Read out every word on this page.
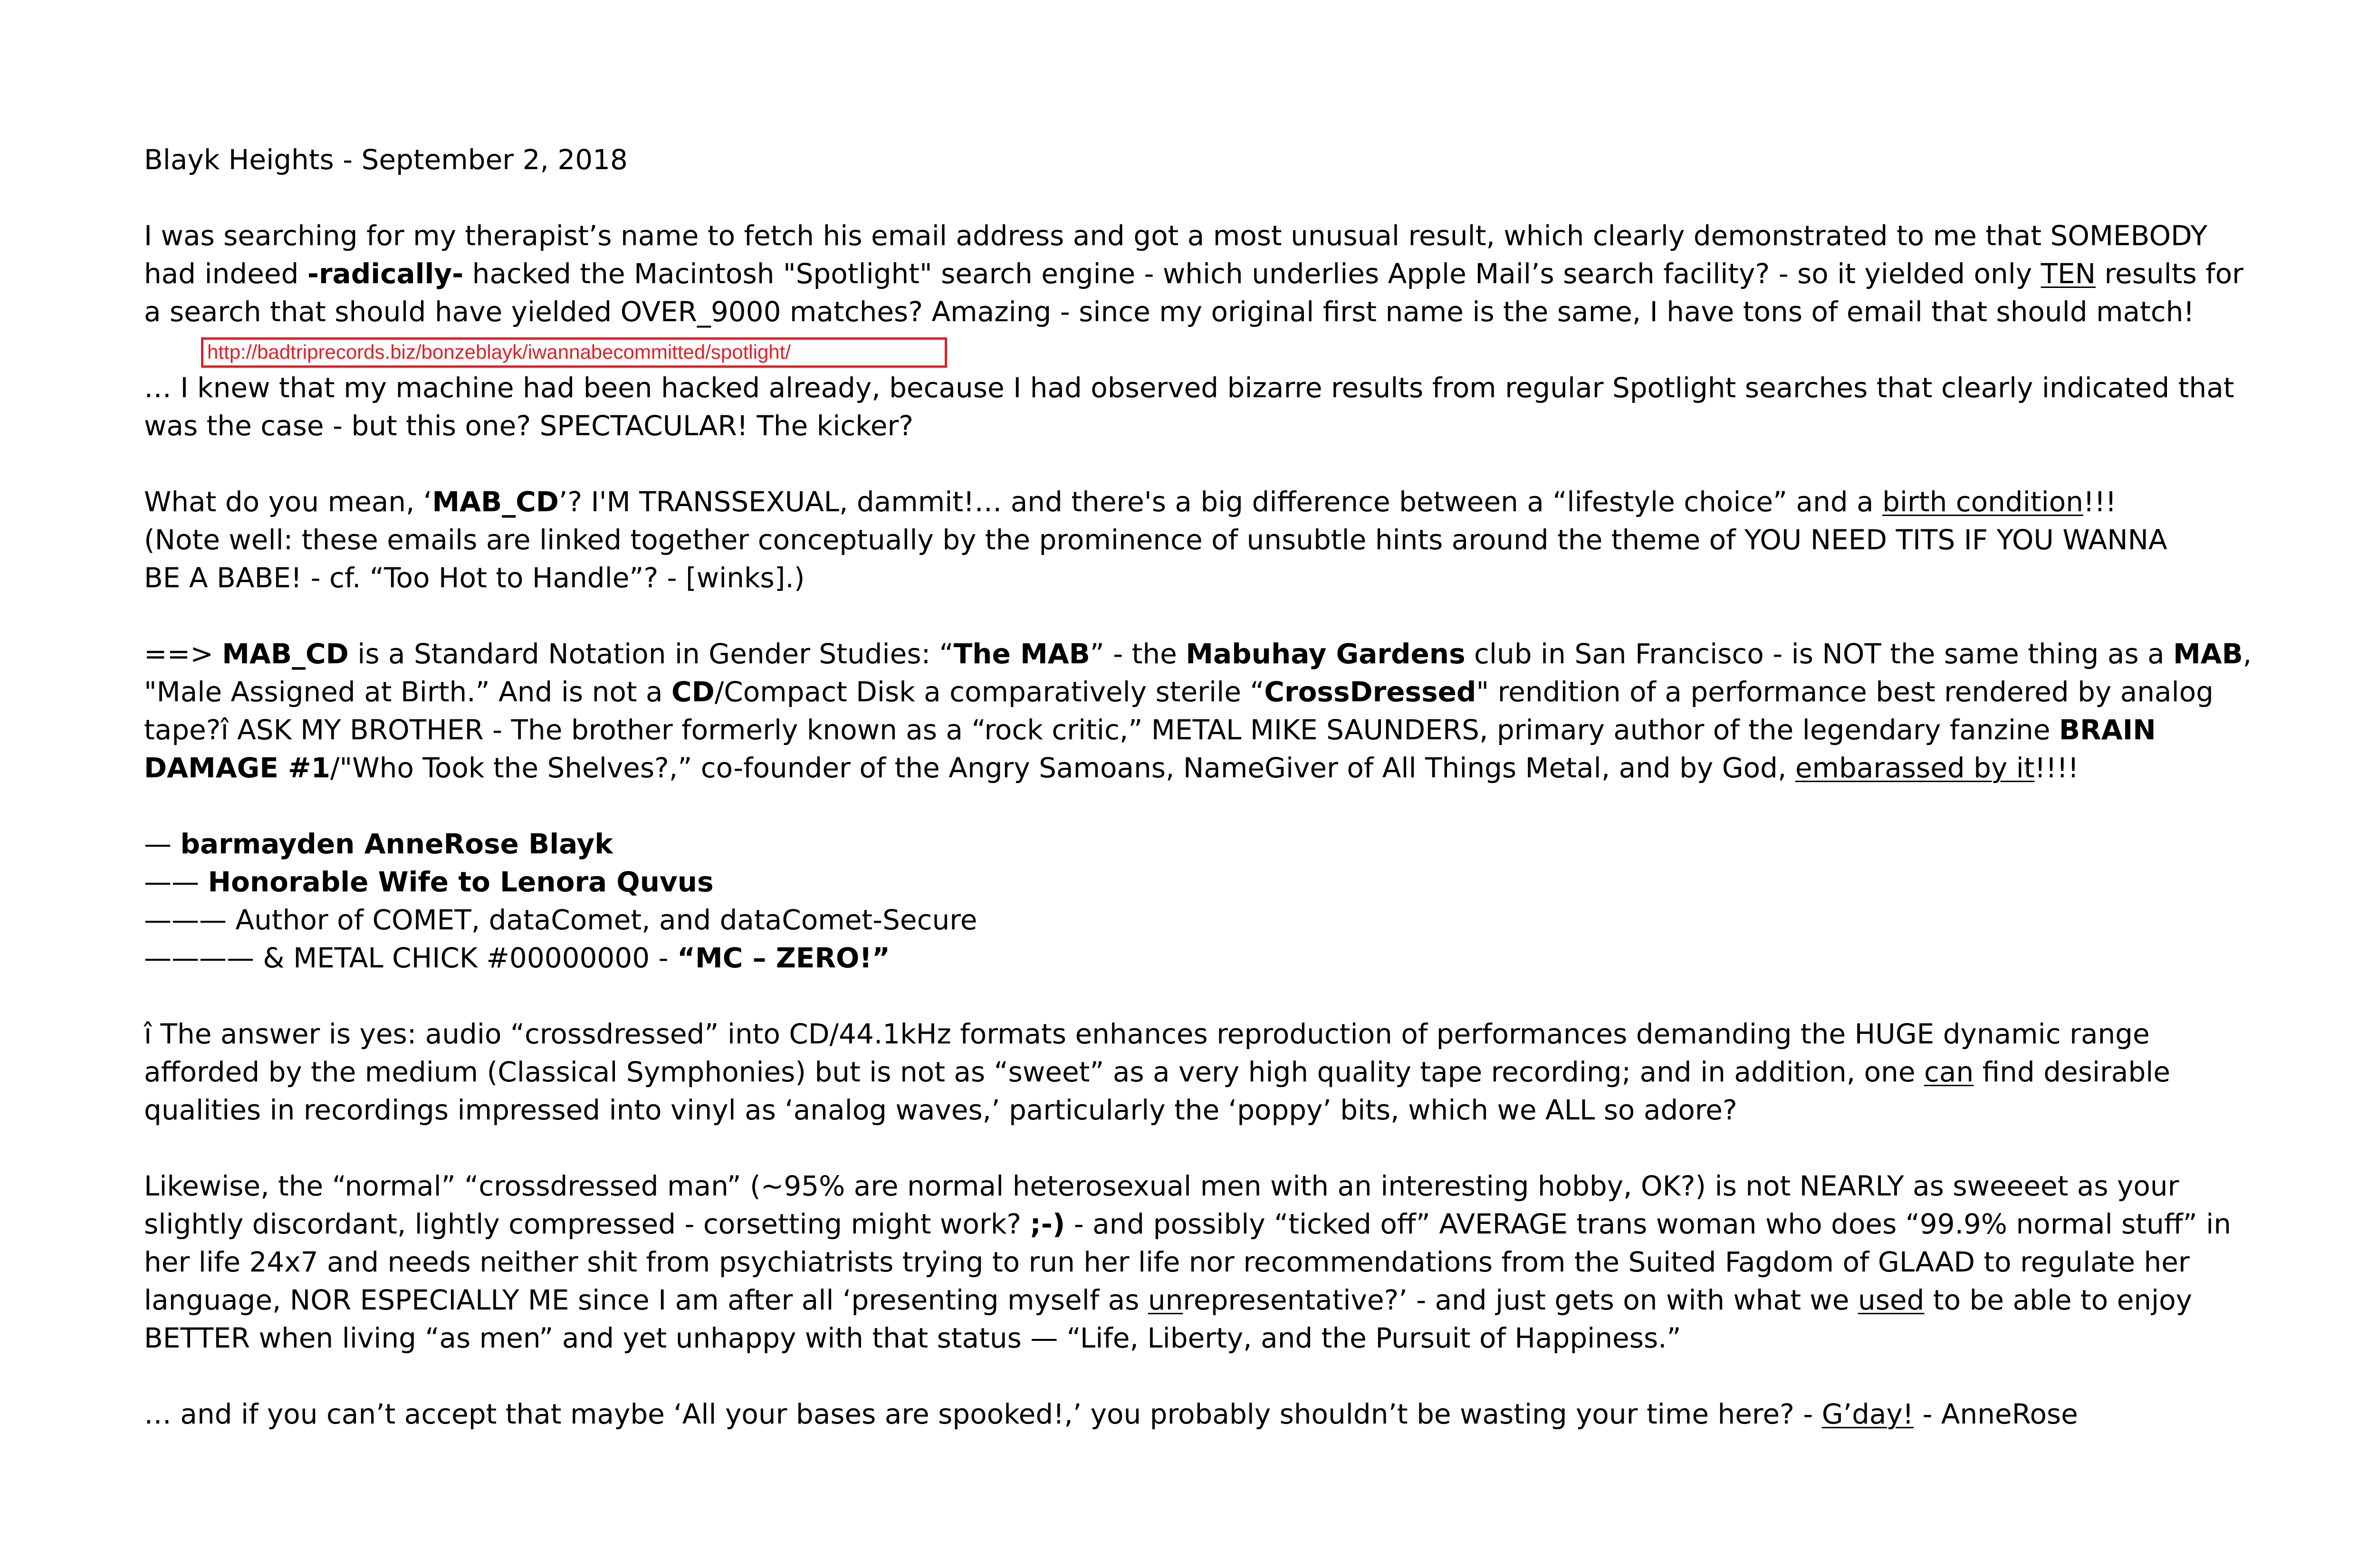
http://badtriprecords.biz/bonzeblayk/iwannabecommitted/spotlight/

Blayk Heights - September 2, 2018

I was searching for my therapist’s name to fetch his email address and got a most unusual result, which clearly demonstrated to me that SOMEBODY

had indeed -radically- hacked the Macintosh "Spotlight" search engine - which underlies Apple Mail’s search facility? - so it yielded only TEN results for

a search that should have yielded OVER_9000 matches? Amazing - since my original first name is the same, I have tons of email that should match!

… I knew that my machine had been hacked already, because I had observed bizarre results from regular Spotlight searches that clearly indicated that

was the case - but this one? SPECTACULAR! The kicker?

What do you mean, ‘MAB_CD’? I'M TRANSSEXUAL, dammit!… and there's a big difference between a “lifestyle choice” and a birth condition!!!

(Note well: these emails are linked together conceptually by the prominence of unsubtle hints around the theme of YOU NEED TITS IF YOU WANNA

BE A BABE! - cf. “Too Hot to Handle”? - [winks].)

==> MAB_CD is a Standard Notation in Gender Studies: “The MAB” - the Mabuhay Gardens club in San Francisco - is NOT the same thing as a MAB,

"Male Assigned at Birth.” And is not a CD/Compact Disk a comparatively sterile “CrossDressed" rendition of a performance best rendered by analog

tape?î ASK MY BROTHER - The brother formerly known as a “rock critic,” METAL MIKE SAUNDERS, primary author of the legendary fanzine BRAIN

DAMAGE #1/"Who Took the Shelves?,” co-founder of the Angry Samoans, NameGiver of All Things Metal, and by God, embarassed by it!!!!

— barmayden AnneRose Blayk

—— Honorable Wife to Lenora Quvus

——— Author of COMET, dataComet, and dataComet-Secure

———— & METAL CHICK #00000000 - “MC – ZERO!”

î The answer is yes: audio “crossdressed” into CD/44.1kHz formats enhances reproduction of performances demanding the HUGE dynamic range

afforded by the medium (Classical Symphonies) but is not as “sweet” as a very high quality tape recording; and in addition, one can find desirable

qualities in recordings impressed into vinyl as ‘analog waves,’ particularly the ‘poppy’ bits, which we ALL so adore?

Likewise, the “normal” “crossdressed man” (~95% are normal heterosexual men with an interesting hobby, OK?) is not NEARLY as sweeeet as your

slightly discordant, lightly compressed - corsetting might work? ;-) - and possibly “ticked off” AVERAGE trans woman who does “99.9% normal stuff” in

her life 24x7 and needs neither shit from psychiatrists trying to run her life nor recommendations from the Suited Fagdom of GLAAD to regulate her

language, NOR ESPECIALLY ME since I am after all ‘presenting myself as unrepresentative?’ - and just gets on with what we used to be able to enjoy

BETTER when living “as men” and yet unhappy with that status — “Life, Liberty, and the Pursuit of Happiness.”

… and if you can’t accept that maybe ‘All your bases are spooked!,’ you probably shouldn’t be wasting your time here? - G’day! - AnneRose
